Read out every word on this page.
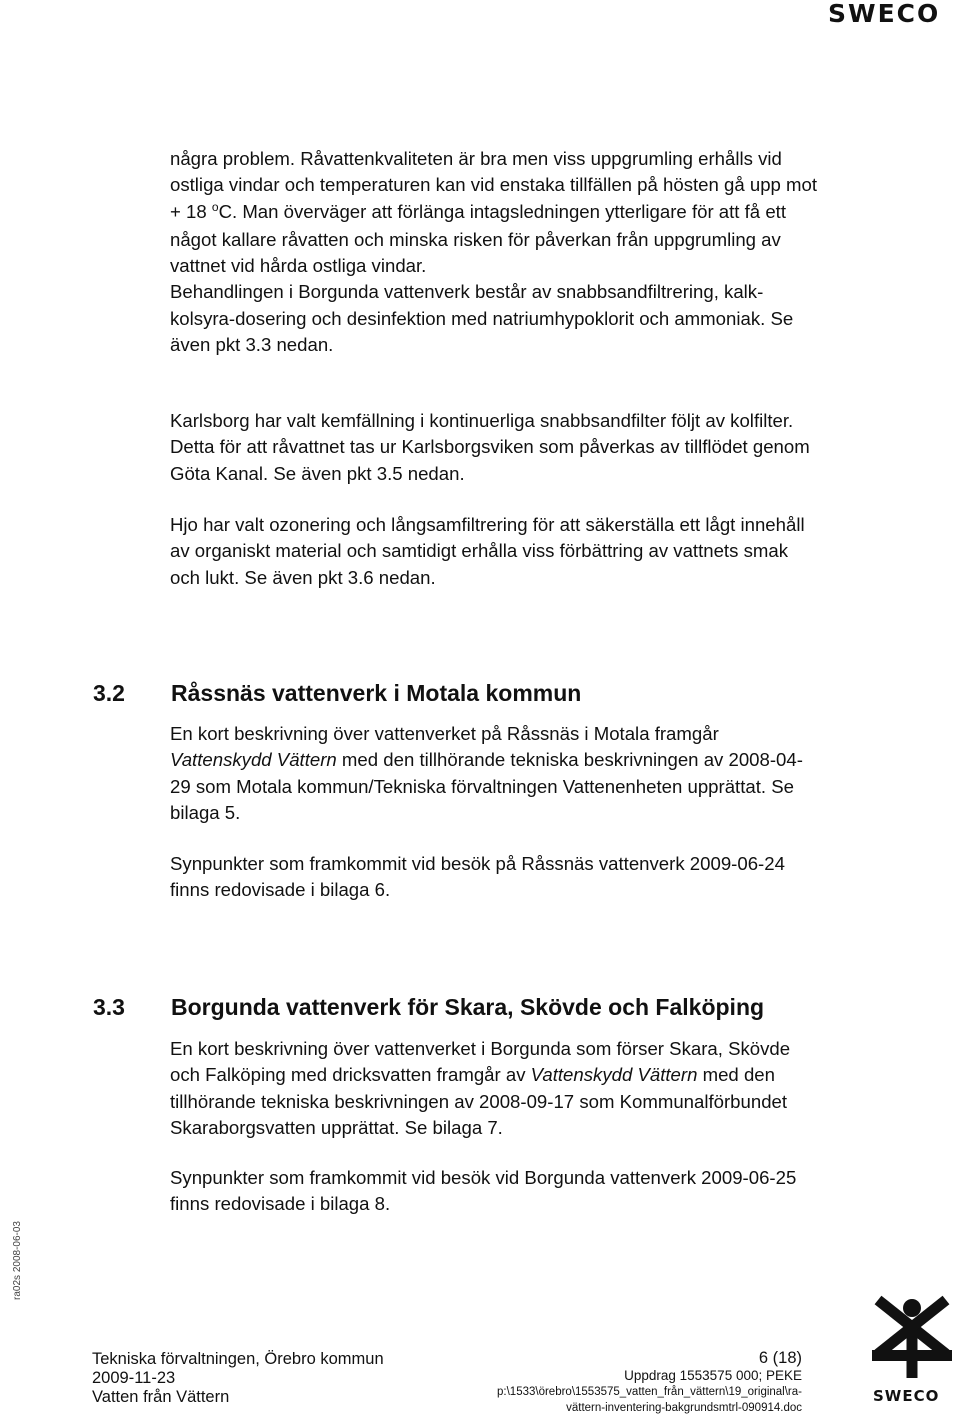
SWECO

några problem. Råvattenkvaliteten är bra men viss uppgrumling erhålls vid ostliga vindar och temperaturen kan vid enstaka tillfällen på hösten gå upp mot + 18 $^o$C. Man överväger att förlänga intagsledningen ytterligare för att få ett något kallare råvatten och minska risken för påverkan från uppgrumling av vattnet vid hårda ostliga vindar.

Behandlingen i Borgunda vattenverk består av snabbsandfiltrering, kalk-kolsyra-dosering och desinfektion med natriumhypoklorit och ammoniak. Se även pkt 3.3 nedan.

Karlsborg har valt kemfällning i kontinuerliga snabbsandfilter följt av kolfilter. Detta för att råvattnet tas ur Karlsborgsviken som påverkas av tillflödet genom Göta Kanal. Se även pkt 3.5 nedan.

Hjo har valt ozonering och långsamfiltrering för att säkerställa ett lågt innehåll av organiskt material och samtidigt erhålla viss förbättring av vattnets smak och lukt. Se även pkt 3.6 nedan.

3.2 Råssnäs vattenverk i Motala kommun

En kort beskrivning över vattenverket på Råssnäs i Motala framgår Vattenskydd Vättern med den tillhörande tekniska beskrivningen av 2008-04-29 som Motala kommun/Tekniska förvaltningen Vattenenheten upprättat. Se bilaga 5.

Synpunkter som framkommit vid besök på Råssnäs vattenverk 2009-06-24 finns redovisade i bilaga 6.

3.3 Borgunda vattenverk för Skara, Skövde och Falköping

En kort beskrivning över vattenverket i Borgunda som förser Skara, Skövde och Falköping med dricksvatten framgår av Vattenskydd Vättern med den tillhörande tekniska beskrivningen av 2008-09-17 som Kommunalförbundet Skaraborgsvatten upprättat. Se bilaga 7.

Synpunkter som framkommit vid besök vid Borgunda vattenverk 2009-06-25 finns redovisade i bilaga 8.

ra02s 2008-06-03
Tekniska förvaltningen, Örebro kommun
2009-11-23
Vatten från Vättern
6 (18)
Uppdrag 1553575 000; PEKE
p:\1533\örebro\1553575_vatten_från_vättern\19_original\ra-
vättern-inventering-bakgrundsmtrl-090914.doc
SWECO
